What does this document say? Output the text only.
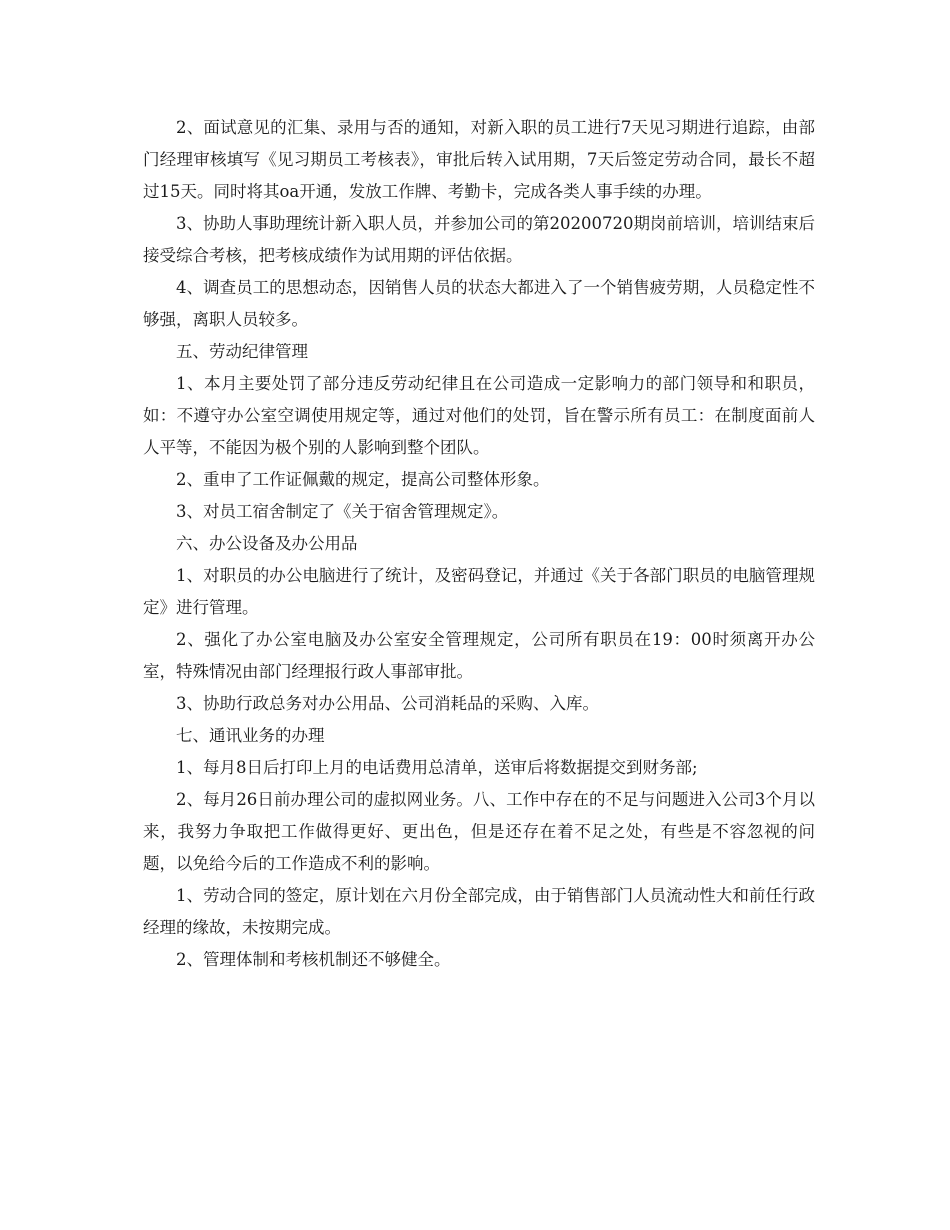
2、面试意见的汇集、录用与否的通知，对新入职的员工进行7天见习期进行追踪，由部门经理审核填写《见习期员工考核表》，审批后转入试用期，7天后签定劳动合同，最长不超过15天。同时将其oa开通，发放工作牌、考勤卡，完成各类人事手续的办理。

3、协助人事助理统计新入职人员，并参加公司的第20200720期岗前培训，培训结束后接受综合考核，把考核成绩作为试用期的评估依据。

4、调查员工的思想动态，因销售人员的状态大都进入了一个销售疲劳期，人员稳定性不够强，离职人员较多。

五、劳动纪律管理

1、本月主要处罚了部分违反劳动纪律且在公司造成一定影响力的部门领导和和职员，如：不遵守办公室空调使用规定等，通过对他们的处罚，旨在警示所有员工：在制度面前人人平等，不能因为极个别的人影响到整个团队。

2、重申了工作证佩戴的规定，提高公司整体形象。

3、对员工宿舍制定了《关于宿舍管理规定》。

六、办公设备及办公用品

1、对职员的办公电脑进行了统计，及密码登记，并通过《关于各部门职员的电脑管理规定》进行管理。

2、强化了办公室电脑及办公室安全管理规定，公司所有职员在19：00时须离开办公室，特殊情况由部门经理报行政人事部审批。

3、协助行政总务对办公用品、公司消耗品的采购、入库。

七、通讯业务的办理

1、每月8日后打印上月的电话费用总清单，送审后将数据提交到财务部;

2、每月26日前办理公司的虚拟网业务。八、工作中存在的不足与问题进入公司3个月以来，我努力争取把工作做得更好、更出色，但是还存在着不足之处，有些是不容忽视的问题，以免给今后的工作造成不利的影响。

1、劳动合同的签定，原计划在六月份全部完成，由于销售部门人员流动性大和前任行政经理的缘故，未按期完成。

2、管理体制和考核机制还不够健全。
